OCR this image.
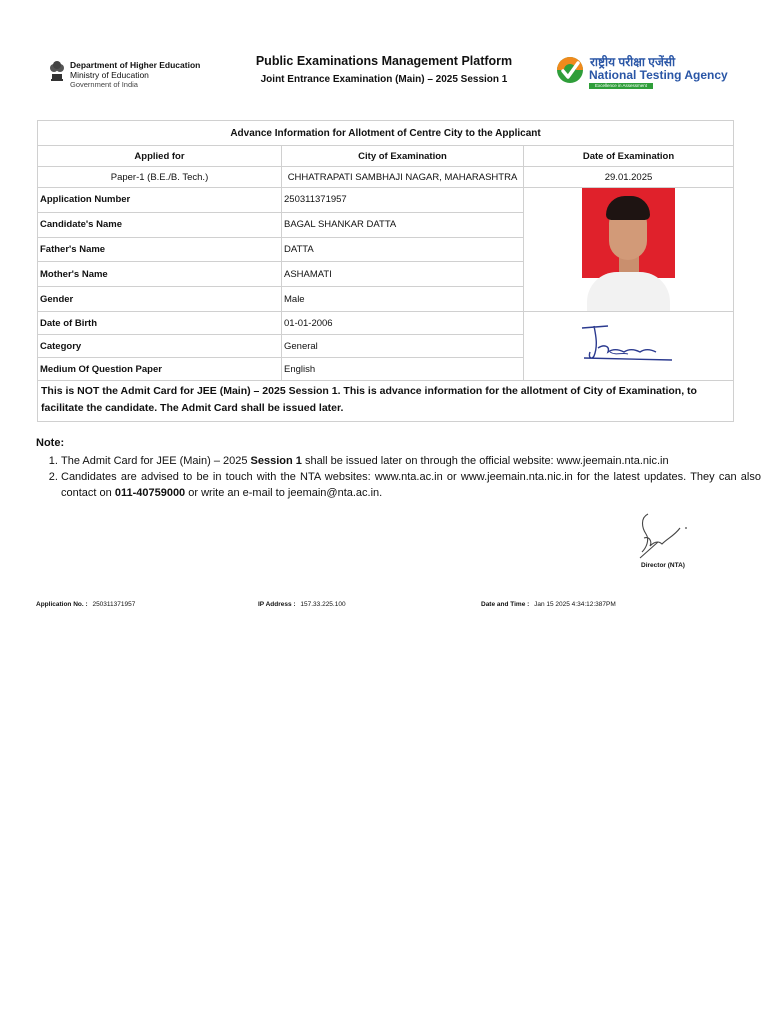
Department of Higher Education
Ministry of Education
Government of India
Public Examinations Management Platform
Joint Entrance Examination (Main) – 2025 Session 1
राष्ट्रीय परीक्षा एजेंसी
National Testing Agency
Excellence in Assessment
Advance Information for Allotment of Centre City to the Applicant		
Applied for	City of Examination	Date of Examination
Paper-1 (B.E./B. Tech.)	CHHATRAPATI SAMBHAJI NAGAR, MAHARASHTRA	29.01.2025
Application Number	250311371957	

Candidate's Name	BAGAL SHANKAR DATTA	
Father's Name	DATTA	
Mother's Name	ASHAMATI	
Gender	Male	
Date of Birth	01-01-2006	

Category	General	
Medium Of Question Paper	English	
This is NOT the Admit Card for JEE (Main) – 2025 Session 1. This is advance information for the allotment of City of Examination, to facilitate the candidate. The Admit Card shall be issued later.		
Note:
1. The Admit Card for JEE (Main) – 2025 Session 1 shall be issued later on through the official website: www.jeemain.nta.nic.in
2. Candidates are advised to be in touch with the NTA websites: www.nta.ac.in or www.jeemain.nta.nic.in for the latest updates. They can also contact on 011-40759000 or write an e-mail to jeemain@nta.ac.in.
Director (NTA)
Application No. : 250311371957	IP Address : 157.33.225.100	Date and Time : Jan 15 2025 4:34:12:387PM
